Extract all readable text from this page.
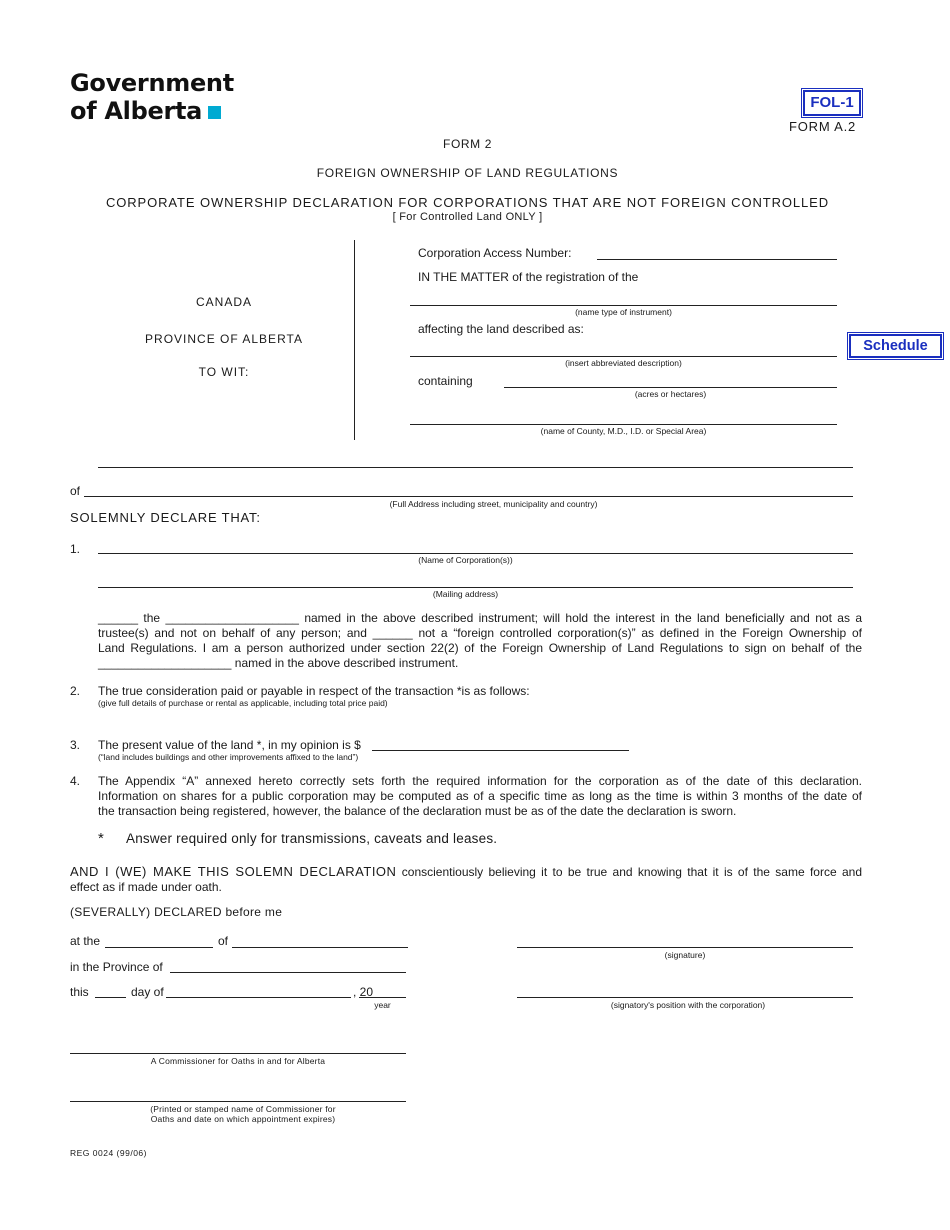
Government
of Alberta	FOL-1
FORM A.2
FORM 2
FOREIGN OWNERSHIP OF LAND REGULATIONS
CORPORATE OWNERSHIP DECLARATION FOR CORPORATIONS THAT ARE NOT FOREIGN CONTROLLED
[ For Controlled Land ONLY ]
CANADA
PROVINCE OF ALBERTA
TO WIT:
Corporation Access Number:
IN THE MATTER of the registration of the
(name type of instrument)
affecting the land described as:
(insert abbreviated description)
containing
(acres or hectares)
(name of County, M.D., I.D. or Special Area)
Schedule
of
(Full Address including street, municipality and country)
SOLEMNLY DECLARE THAT:
1.
(Name of Corporation(s))
(Mailing address)
______ the ____________________ named in the above described instrument; will hold the interest in the land beneficially and not as a
trustee(s) and not on behalf of any person; and ______ not a “foreign controlled corporation(s)” as defined in the Foreign Ownership of
Land Regulations. I am a person authorized under section 22(2) of the Foreign Ownership of Land Regulations to sign on behalf of the
____________________ named in the above described instrument.
2. The true consideration paid or payable in respect of the transaction *is as follows:
(give full details of purchase or rental as applicable, including total price paid)
3. The present value of the land *, in my opinion is $
(“land includes buildings and other improvements affixed to the land”)
4. The Appendix “A” annexed hereto correctly sets forth the required information for the corporation as of the date of this declaration.
Information on shares for a public corporation may be computed as of a specific time as long as the time is within 3 months of the date of
the transaction being registered, however, the balance of the declaration must be as of the date the declaration is sworn.
* Answer required only for transmissions, caveats and leases.
AND I (WE) MAKE THIS SOLEMN DECLARATION conscientiously believing it to be true and knowing that it is of the same force and
effect as if made under oath.
(SEVERALLY) DECLARED before me
at the	of
(signature)
in the Province of
this	day of	, 20
year	(signatory's position with the corporation)
A Commissioner for Oaths in and for Alberta
(Printed or stamped name of Commissioner for
Oaths and date on which appointment expires)
REG 0024 (99/06)
